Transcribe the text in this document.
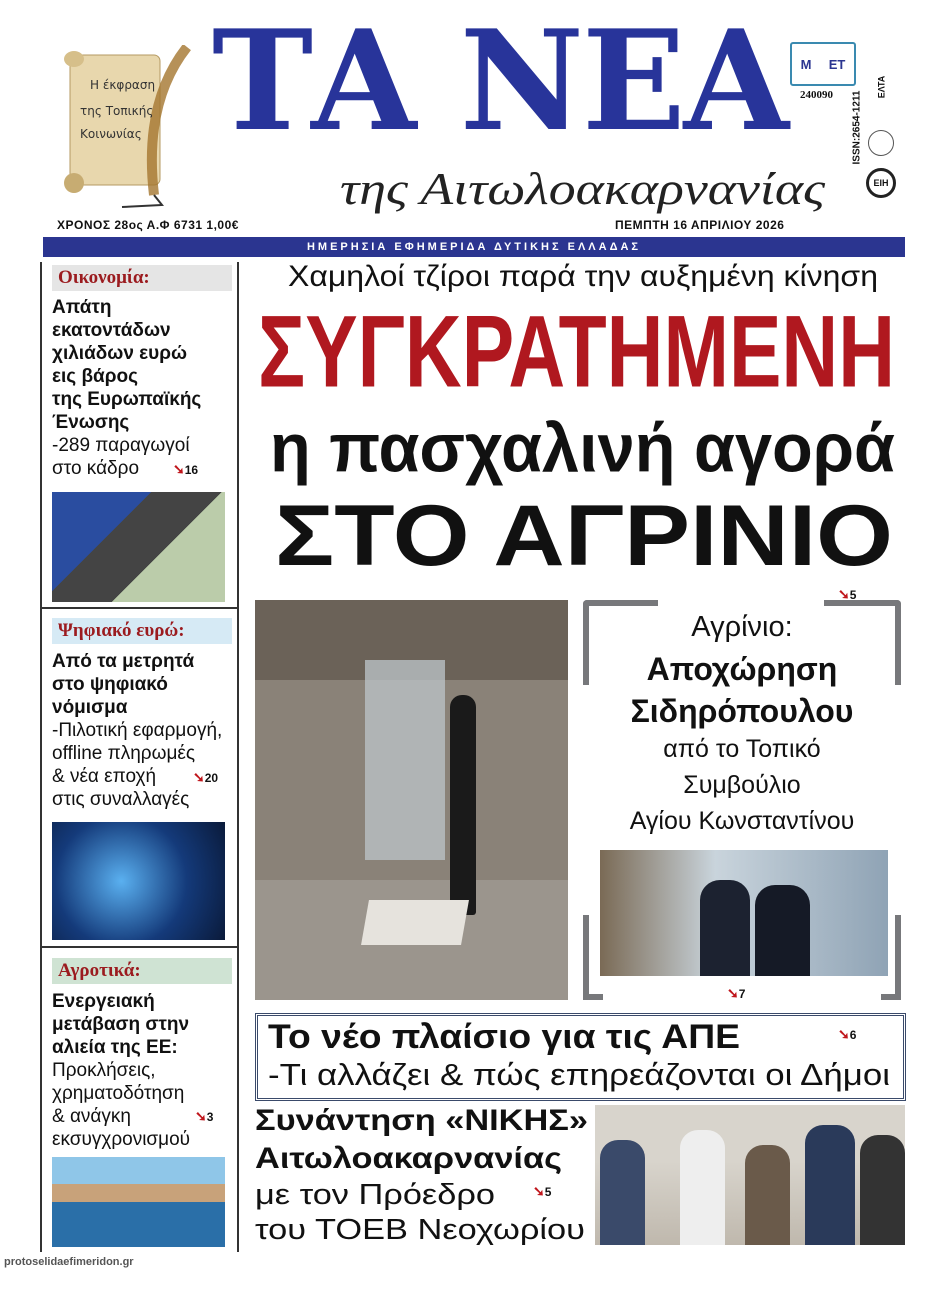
Η έκφραση
της Τοπικής
Κοινωνίας ΤΑ ΝΕΑ
της Αιτωλοακαρνανίας
Μ ΕΤ
240090 ISSN:2654-1211
ΕΛΤΑ
EIH
ΧΡΟΝΟΣ 28ος Α.Φ 6731 1,00€	ΠΕΜΠΤΗ 16 ΑΠΡΙΛΙΟΥ 2026
ΗΜΕΡΗΣΙΑ ΕΦΗΜΕΡΙΔΑ ΔΥΤΙΚΗΣ ΕΛΛΑΔΑΣ
Οικονομία:
Απάτη
εκατοντάδων
χιλιάδων ευρώ
εις βάρος
της Ευρωπαϊκής
Ένωσης
-289 παραγωγοί
στο κάδρο	➘16
Ψηφιακό ευρώ:
Από τα μετρητά
στο ψηφιακό
νόμισμα
-Πιλοτική εφαρμογή,
offline πληρωμές
& νέα εποχή
στις συναλλαγές
➘20
Αγροτικά:
Ενεργειακή
μετάβαση στην
αλιεία της ΕΕ:
Προκλήσεις,
χρηματοδότηση
& ανάγκη
εκσυγχρονισμού
➘3
protoselidaefimeridon.gr
Χαμηλοί τζίροι παρά την αυξημένη κίνηση
ΣΥΓΚΡΑΤΗΜΕΝΗ
η πασχαλινή αγορά
ΣΤΟ ΑΓΡΙΝΙΟ
➘5
Αγρίνιο:
Αποχώρηση
Σιδηρόπουλου
από το Τοπικό
Συμβούλιο
Αγίου Κωνσταντίνου
➘7
Το νέο πλαίσιο για τις ΑΠΕ
-Τι αλλάζει & πώς επηρεάζονται οι Δήμοι
➘6
Συνάντηση «ΝΙΚΗΣ»
Αιτωλοακαρνανίας
με τον Πρόεδρο
του ΤΟΕΒ Νεοχωρίου
➘5
